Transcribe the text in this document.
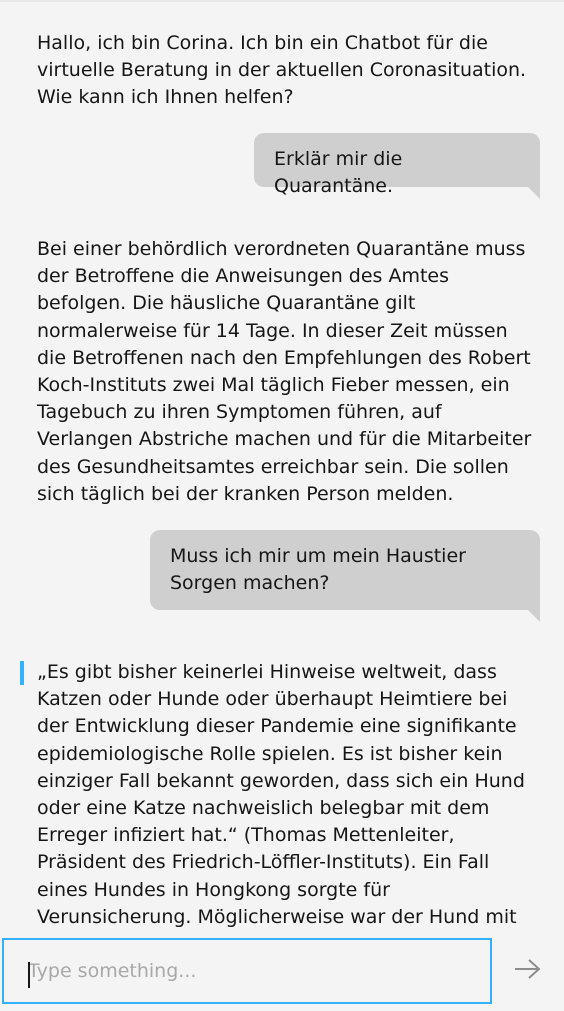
Hallo, ich bin Corina. Ich bin ein Chatbot für die virtuelle Beratung in der aktuellen Coronasituation. Wie kann ich Ihnen helfen?

Erklär mir die Quarantäne.

Bei einer behördlich verordneten Quarantäne muss der Betroffene die Anweisungen des Amtes befolgen. Die häusliche Quarantäne gilt normalerweise für 14 Tage. In dieser Zeit müssen die Betroffenen nach den Empfehlungen des Robert Koch-Instituts zwei Mal täglich Fieber messen, ein Tagebuch zu ihren Symptomen führen, auf Verlangen Abstriche machen und für die Mitarbeiter des Gesundheitsamtes erreichbar sein. Die sollen sich täglich bei der kranken Person melden.

Muss ich mir um mein Haustier Sorgen machen?

„Es gibt bisher keinerlei Hinweise weltweit, dass Katzen oder Hunde oder überhaupt Heimtiere bei der Entwicklung dieser Pandemie eine signifikante epidemiologische Rolle spielen. Es ist bisher kein einziger Fall bekannt geworden, dass sich ein Hund oder eine Katze nachweislich belegbar mit dem Erreger infiziert hat.“ (Thomas Mettenleiter, Präsident des Friedrich-Löffler-Instituts). Ein Fall eines Hundes in Hongkong sorgte für Verunsicherung. Möglicherweise war der Hund mit

Type something...
